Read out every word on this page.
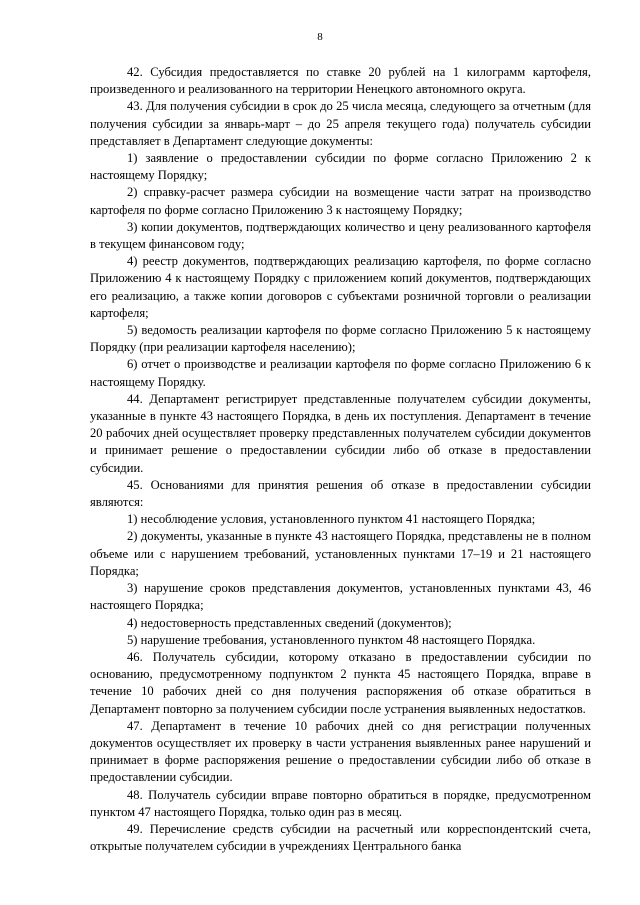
8

42. Субсидия предоставляется по ставке 20 рублей на 1 килограмм картофеля, произведенного и реализованного на территории Ненецкого автономного округа.

43. Для получения субсидии в срок до 25 числа месяца, следующего за отчетным (для получения субсидии за январь-март – до 25 апреля текущего года) получатель субсидии представляет в Департамент следующие документы:

1) заявление о предоставлении субсидии по форме согласно Приложению 2 к настоящему Порядку;

2) справку-расчет размера субсидии на возмещение части затрат на производство картофеля по форме согласно Приложению 3 к настоящему Порядку;

3) копии документов, подтверждающих количество и цену реализованного картофеля в текущем финансовом году;

4) реестр документов, подтверждающих реализацию картофеля, по форме согласно Приложению 4 к настоящему Порядку с приложением копий документов, подтверждающих его реализацию, а также копии договоров с субъектами розничной торговли о реализации картофеля;

5) ведомость реализации картофеля по форме согласно Приложению 5 к настоящему Порядку (при реализации картофеля населению);

6) отчет о производстве и реализации картофеля по форме согласно Приложению 6 к настоящему Порядку.

44. Департамент регистрирует представленные получателем субсидии документы, указанные в пункте 43 настоящего Порядка, в день их поступления. Департамент в течение 20 рабочих дней осуществляет проверку представленных получателем субсидии документов и принимает решение о предоставлении субсидии либо об отказе в предоставлении субсидии.

45. Основаниями для принятия решения об отказе в предоставлении субсидии являются:

1) несоблюдение условия, установленного пунктом 41 настоящего Порядка;

2) документы, указанные в пункте 43 настоящего Порядка, представлены не в полном объеме или с нарушением требований, установленных пунктами 17–19 и 21 настоящего Порядка;

3) нарушение сроков представления документов, установленных пунктами 43, 46 настоящего Порядка;

4) недостоверность представленных сведений (документов);

5) нарушение требования, установленного пунктом 48 настоящего Порядка.

46. Получатель субсидии, которому отказано в предоставлении субсидии по основанию, предусмотренному подпунктом 2 пункта 45 настоящего Порядка, вправе в течение 10 рабочих дней со дня получения распоряжения об отказе обратиться в Департамент повторно за получением субсидии после устранения выявленных недостатков.

47. Департамент в течение 10 рабочих дней со дня регистрации полученных документов осуществляет их проверку в части устранения выявленных ранее нарушений и принимает в форме распоряжения решение о предоставлении субсидии либо об отказе в предоставлении субсидии.

48. Получатель субсидии вправе повторно обратиться в порядке, предусмотренном пунктом 47 настоящего Порядка, только один раз в месяц.

49. Перечисление средств субсидии на расчетный или корреспондентский счета, открытые получателем субсидии в учреждениях Центрального банка
